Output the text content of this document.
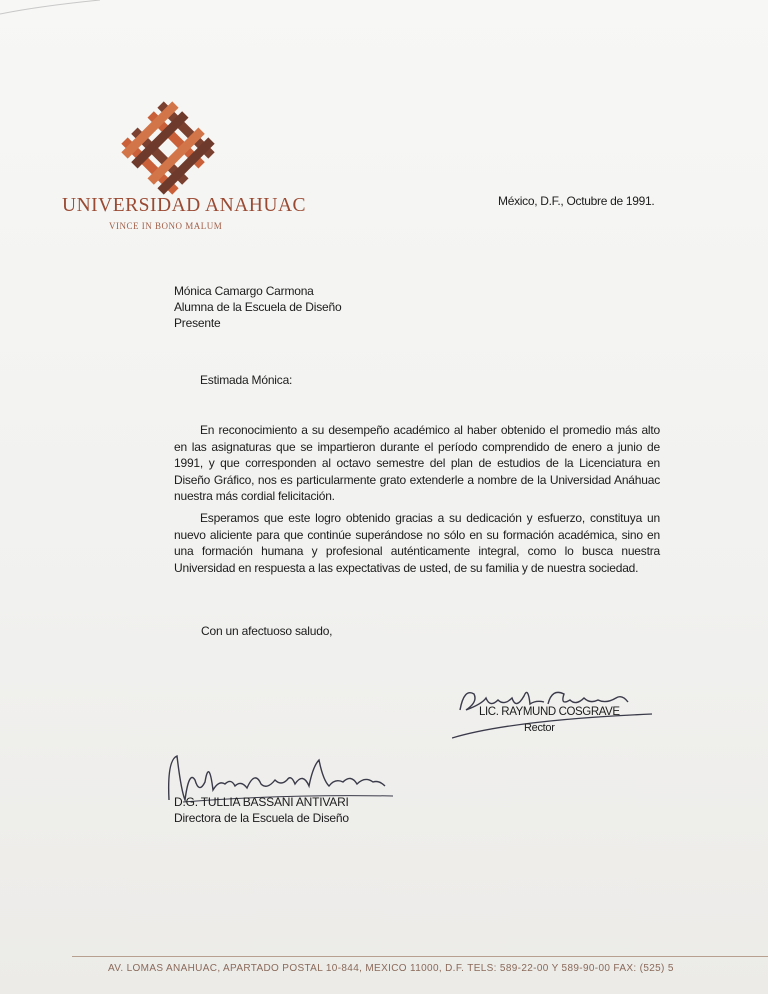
UNIVERSIDAD ANAHUAC
VINCE IN BONO MALUM
México, D.F., Octubre de 1991.
Mónica Camargo Carmona
Alumna de la Escuela de Diseño
Presente
Estimada Mónica:
En reconocimiento a su desempeño académico al haber obtenido el promedio más alto en las asignaturas que se impartieron durante el período comprendido de enero a junio de 1991, y que corresponden al octavo semestre del plan de estudios de la Licenciatura en Diseño Gráfico, nos es particularmente grato extenderle a nombre de la Universidad Anáhuac nuestra más cordial felicitación.
Esperamos que este logro obtenido gracias a su dedicación y esfuerzo, constituya un nuevo aliciente para que continúe superándose no sólo en su formación académica, sino en una formación humana y profesional auténticamente integral, como lo busca nuestra Universidad en respuesta a las expectativas de usted, de su familia y de nuestra sociedad.
Con un afectuoso saludo,
LIC. RAYMUND COSGRAVE
Rector
D.G. TULLIA BASSANI ANTIVARI
Directora de la Escuela de Diseño
AV. LOMAS ANAHUAC, APARTADO POSTAL 10-844, MEXICO 11000, D.F. TELS: 589-22-00 Y 589-90-00 FAX: (525) 5
